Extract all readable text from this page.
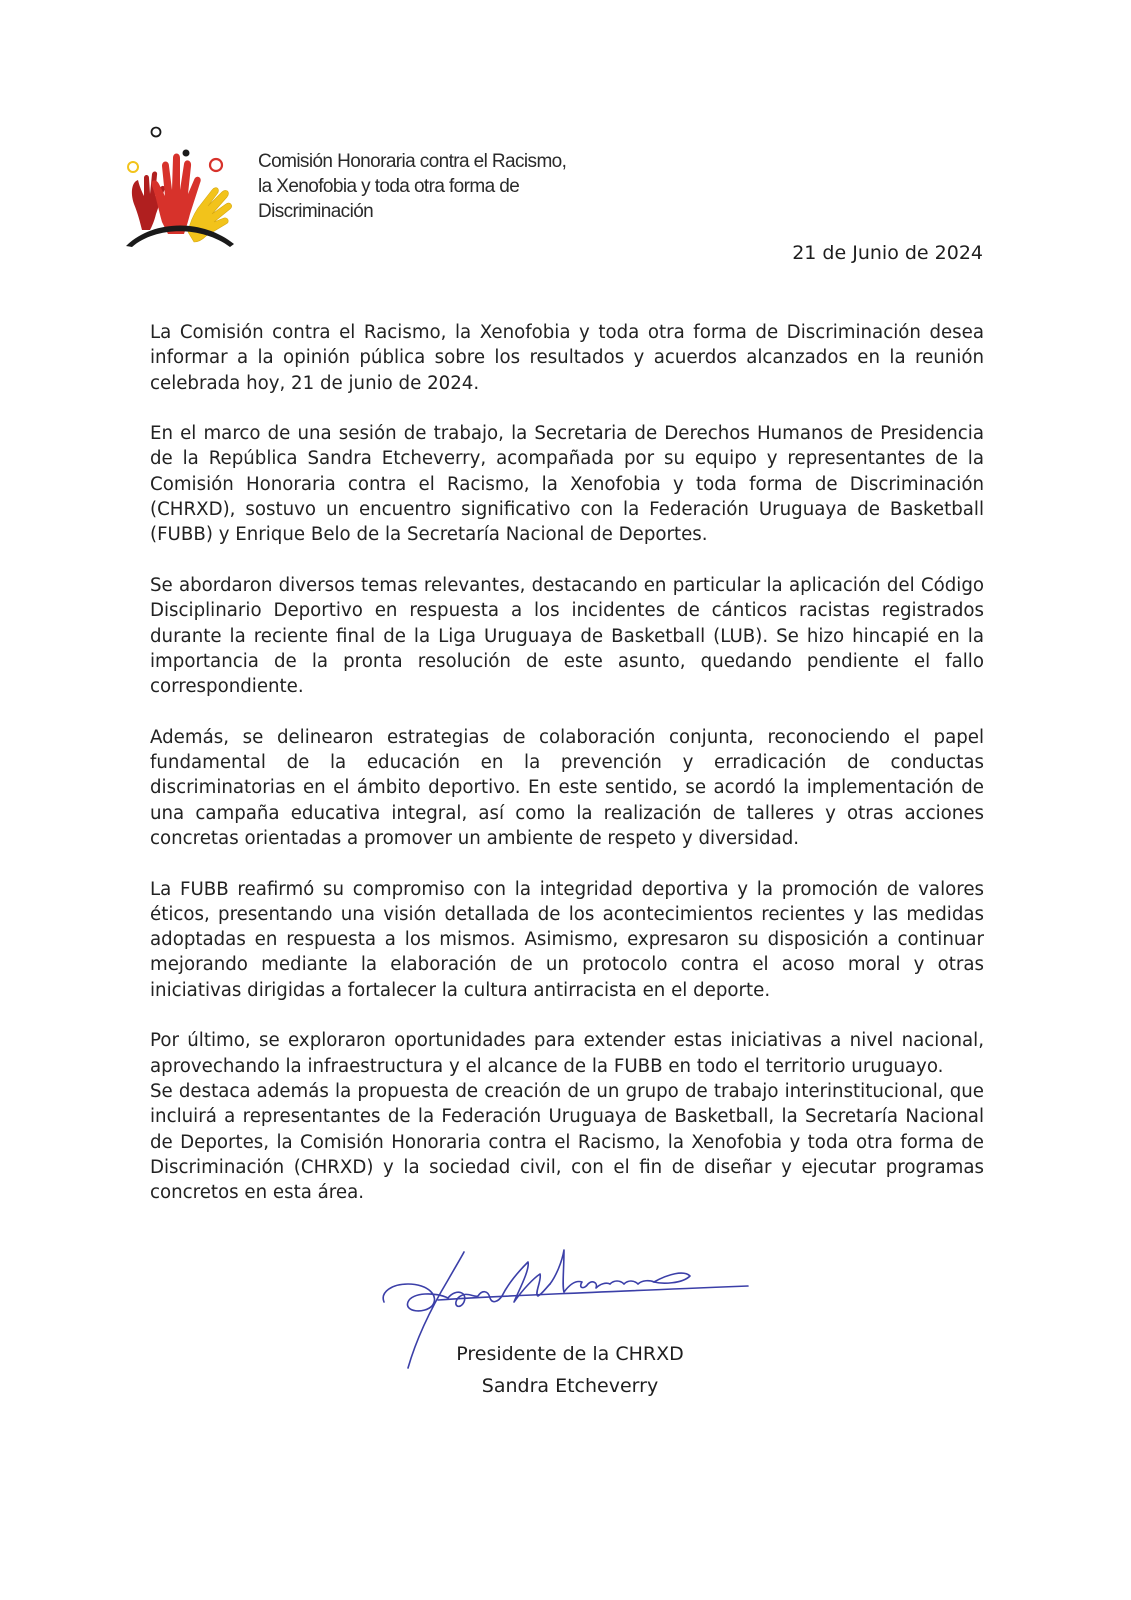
Comisión Honoraria contra el Racismo,
la Xenofobia y toda otra forma de
Discriminación
21 de Junio de 2024

La Comisión contra el Racismo, la Xenofobia y toda otra forma de Discriminación desea informar a la opinión pública sobre los resultados y acuerdos alcanzados en la reunión celebrada hoy, 21 de junio de 2024.

En el marco de una sesión de trabajo, la Secretaria de Derechos Humanos de Presidencia de la República Sandra Etcheverry, acompañada por su equipo y representantes de la Comisión Honoraria contra el Racismo, la Xenofobia y toda forma de Discriminación (CHRXD), sostuvo un encuentro significativo con la Federación Uruguaya de Basketball (FUBB) y Enrique Belo de la Secretaría Nacional de Deportes.

Se abordaron diversos temas relevantes, destacando en particular la aplicación del Código Disciplinario Deportivo en respuesta a los incidentes de cánticos racistas registrados durante la reciente final de la Liga Uruguaya de Basketball (LUB). Se hizo hincapié en la importancia de la pronta resolución de este asunto, quedando pendiente el fallo correspondiente.

Además, se delinearon estrategias de colaboración conjunta, reconociendo el papel fundamental de la educación en la prevención y erradicación de conductas discriminatorias en el ámbito deportivo. En este sentido, se acordó la implementación de una campaña educativa integral, así como la realización de talleres y otras acciones concretas orientadas a promover un ambiente de respeto y diversidad.

La FUBB reafirmó su compromiso con la integridad deportiva y la promoción de valores éticos, presentando una visión detallada de los acontecimientos recientes y las medidas adoptadas en respuesta a los mismos. Asimismo, expresaron su disposición a continuar mejorando mediante la elaboración de un protocolo contra el acoso moral y otras iniciativas dirigidas a fortalecer la cultura antirracista en el deporte.

Por último, se exploraron oportunidades para extender estas iniciativas a nivel nacional, aprovechando la infraestructura y el alcance de la FUBB en todo el territorio uruguayo.

Se destaca además la propuesta de creación de un grupo de trabajo interinstitucional, que incluirá a representantes de la Federación Uruguaya de Basketball, la Secretaría Nacional de Deportes, la Comisión Honoraria contra el Racismo, la Xenofobia y toda otra forma de Discriminación (CHRXD) y la sociedad civil, con el fin de diseñar y ejecutar programas concretos en esta área.

Presidente de la CHRXD
Sandra Etcheverry
